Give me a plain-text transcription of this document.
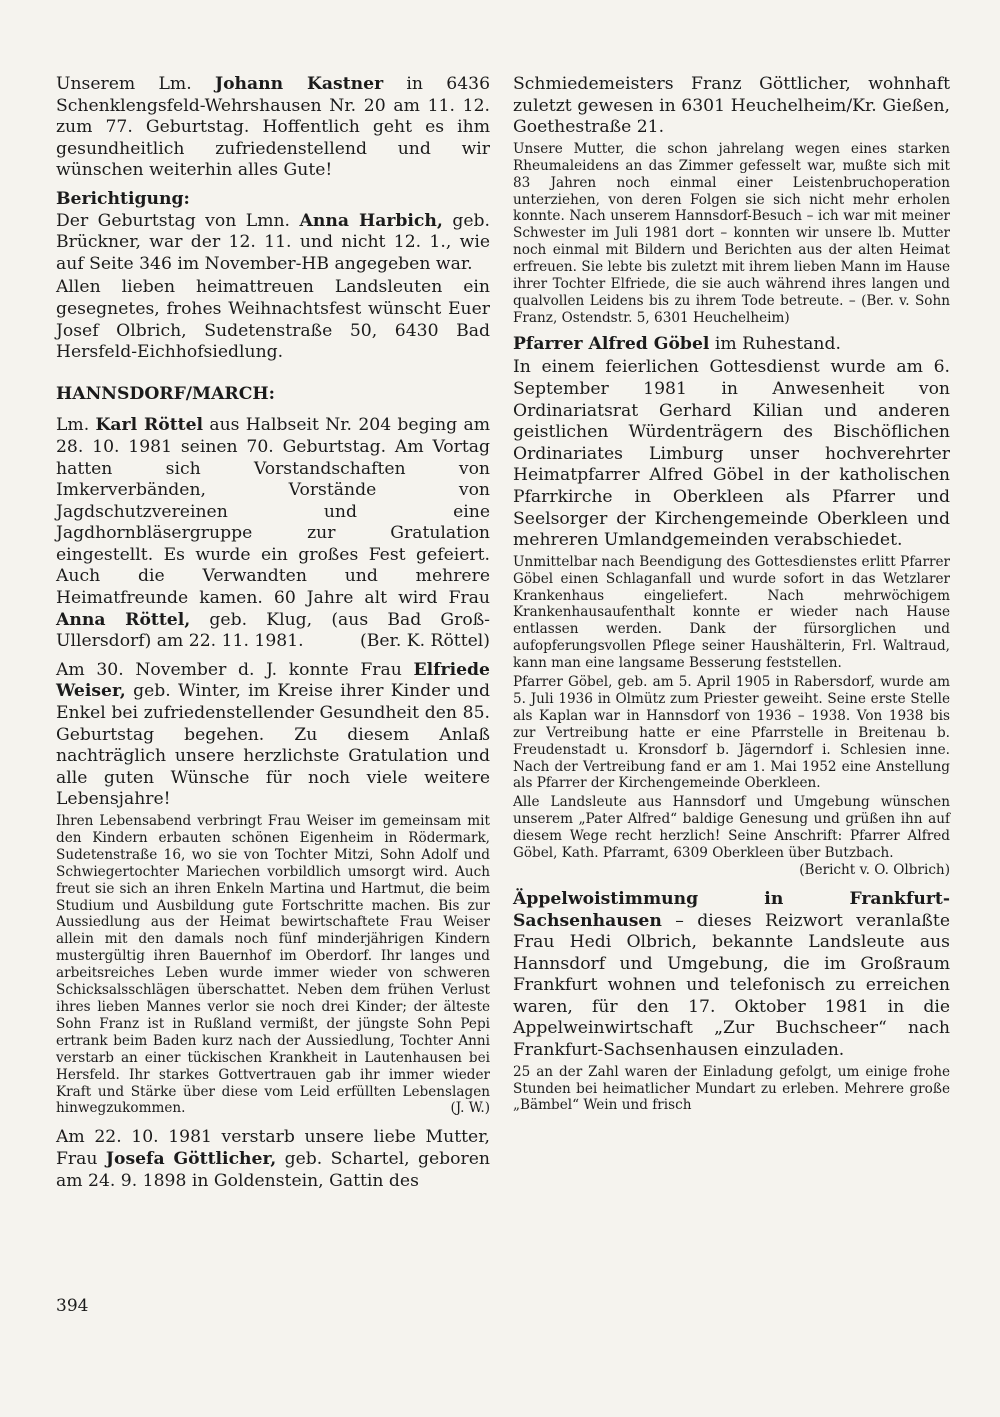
Unserem Lm. Johann Kastner in 6436 Schenklengsfeld-Wehrshausen Nr. 20 am 11. 12. zum 77. Geburtstag. Hoffentlich geht es ihm gesundheitlich zufriedenstellend und wir wünschen weiterhin alles Gute!

Berichtigung:

Der Geburtstag von Lmn. Anna Harbich, geb. Brückner, war der 12. 11. und nicht 12. 1., wie auf Seite 346 im November-HB angegeben war.

Allen lieben heimattreuen Landsleuten ein gesegnetes, frohes Weihnachtsfest wünscht Euer Josef Olbrich, Sudetenstraße 50, 6430 Bad Hersfeld-Eichhofsiedlung.

HANNSDORF/MARCH:

Lm. Karl Röttel aus Halbseit Nr. 204 beging am 28. 10. 1981 seinen 70. Geburtstag. Am Vortag hatten sich Vorstandschaften von Imkerverbänden, Vorstände von Jagdschutzvereinen und eine Jagdhornbläsergruppe zur Gratulation eingestellt. Es wurde ein großes Fest gefeiert. Auch die Verwandten und mehrere Heimatfreunde kamen. 60 Jahre alt wird Frau Anna Röttel, geb. Klug, (aus Bad Groß-Ullersdorf) am 22. 11. 1981.	(Ber. K. Röttel)

Am 30. November d. J. konnte Frau Elfriede Weiser, geb. Winter, im Kreise ihrer Kinder und Enkel bei zufriedenstellender Gesundheit den 85. Geburtstag begehen. Zu diesem Anlaß nachträglich unsere herzlichste Gratulation und alle guten Wünsche für noch viele weitere Lebensjahre!

Ihren Lebensabend verbringt Frau Weiser im gemeinsam mit den Kindern erbauten schönen Eigenheim in Rödermark, Sudetenstraße 16, wo sie von Tochter Mitzi, Sohn Adolf und Schwiegertochter Mariechen vorbildlich umsorgt wird. Auch freut sie sich an ihren Enkeln Martina und Hartmut, die beim Studium und Ausbildung gute Fortschritte machen. Bis zur Aussiedlung aus der Heimat bewirtschaftete Frau Weiser allein mit den damals noch fünf minderjährigen Kindern mustergültig ihren Bauernhof im Oberdorf. Ihr langes und arbeitsreiches Leben wurde immer wieder von schweren Schicksalsschlägen überschattet. Neben dem frühen Verlust ihres lieben Mannes verlor sie noch drei Kinder; der älteste Sohn Franz ist in Rußland vermißt, der jüngste Sohn Pepi ertrank beim Baden kurz nach der Aussiedlung, Tochter Anni verstarb an einer tückischen Krankheit in Lautenhausen bei Hersfeld. Ihr starkes Gottvertrauen gab ihr immer wieder Kraft und Stärke über diese vom Leid erfüllten Lebenslagen hinwegzukommen.	(J. W.)

Am 22. 10. 1981 verstarb unsere liebe Mutter, Frau Josefa Göttlicher, geb. Schartel, geboren am 24. 9. 1898 in Goldenstein, Gattin des

Schmiedemeisters Franz Göttlicher, wohnhaft zuletzt gewesen in 6301 Heuchelheim/Kr. Gießen, Goethestraße 21.

Unsere Mutter, die schon jahrelang wegen eines starken Rheumaleidens an das Zimmer gefesselt war, mußte sich mit 83 Jahren noch einmal einer Leistenbruchoperation unterziehen, von deren Folgen sie sich nicht mehr erholen konnte. Nach unserem Hannsdorf-Besuch – ich war mit meiner Schwester im Juli 1981 dort – konnten wir unsere lb. Mutter noch einmal mit Bildern und Berichten aus der alten Heimat erfreuen. Sie lebte bis zuletzt mit ihrem lieben Mann im Hause ihrer Tochter Elfriede, die sie auch während ihres langen und qualvollen Leidens bis zu ihrem Tode betreute. – (Ber. v. Sohn Franz, Ostendstr. 5, 6301 Heuchelheim)

Pfarrer Alfred Göbel im Ruhestand.

In einem feierlichen Gottesdienst wurde am 6. September 1981 in Anwesenheit von Ordinariatsrat Gerhard Kilian und anderen geistlichen Würdenträgern des Bischöflichen Ordinariates Limburg unser hochverehrter Heimatpfarrer Alfred Göbel in der katholischen Pfarrkirche in Oberkleen als Pfarrer und Seelsorger der Kirchengemeinde Oberkleen und mehreren Umlandgemeinden verabschiedet.

Unmittelbar nach Beendigung des Gottesdienstes erlitt Pfarrer Göbel einen Schlaganfall und wurde sofort in das Wetzlarer Krankenhaus eingeliefert. Nach mehrwöchigem Krankenhausaufenthalt konnte er wieder nach Hause entlassen werden. Dank der fürsorglichen und aufopferungsvollen Pflege seiner Haushälterin, Frl. Waltraud, kann man eine langsame Besserung feststellen.

Pfarrer Göbel, geb. am 5. April 1905 in Rabersdorf, wurde am 5. Juli 1936 in Olmütz zum Priester geweiht. Seine erste Stelle als Kaplan war in Hannsdorf von 1936 – 1938. Von 1938 bis zur Vertreibung hatte er eine Pfarrstelle in Breitenau b. Freudenstadt u. Kronsdorf b. Jägerndorf i. Schlesien inne. Nach der Vertreibung fand er am 1. Mai 1952 eine Anstellung als Pfarrer der Kirchengemeinde Oberkleen.

Alle Landsleute aus Hannsdorf und Umgebung wünschen unserem „Pater Alfred“ baldige Genesung und grüßen ihn auf diesem Wege recht herzlich! Seine Anschrift: Pfarrer Alfred Göbel, Kath. Pfarramt, 6309 Oberkleen über Butzbach.
(Bericht v. O. Olbrich)

Äppelwoistimmung in Frankfurt-Sachsenhausen – dieses Reizwort veranlaßte Frau Hedi Olbrich, bekannte Landsleute aus Hannsdorf und Umgebung, die im Großraum Frankfurt wohnen und telefonisch zu erreichen waren, für den 17. Oktober 1981 in die Appelweinwirtschaft „Zur Buchscheer“ nach Frankfurt-Sachsenhausen einzuladen.

25 an der Zahl waren der Einladung gefolgt, um einige frohe Stunden bei heimatlicher Mundart zu erleben. Mehrere große „Bämbel“ Wein und frisch

394
